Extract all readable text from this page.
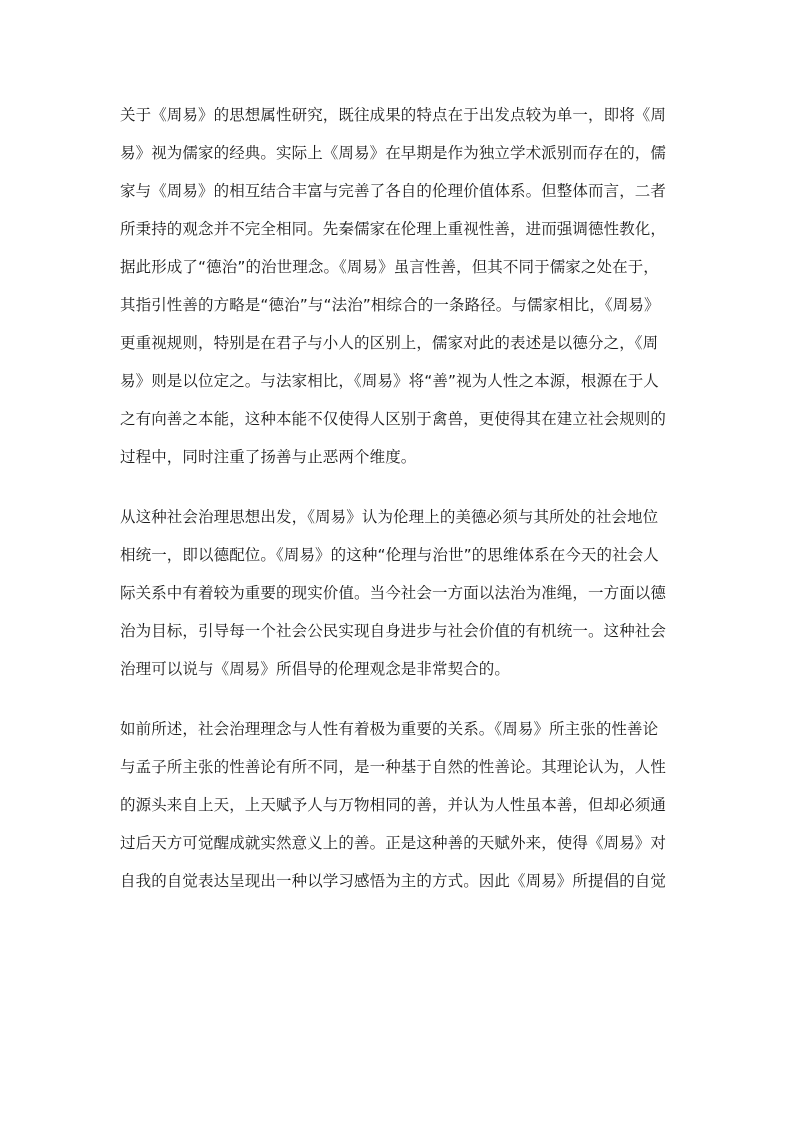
关于《周易》的思想属性研究，既往成果的特点在于出发点较为单一，即将《周
易》视为儒家的经典。实际上《周易》在早期是作为独立学术派别而存在的，儒
家与《周易》的相互结合丰富与完善了各自的伦理价值体系。但整体而言，二者
所秉持的观念并不完全相同。先秦儒家在伦理上重视性善，进而强调德性教化，
据此形成了“德治”的治世理念。《周易》虽言性善，但其不同于儒家之处在于，
其指引性善的方略是“德治”与“法治”相综合的一条路径。与儒家相比，《周易》
更重视规则，特别是在君子与小人的区别上，儒家对此的表述是以德分之，《周
易》则是以位定之。与法家相比，《周易》将“善”视为人性之本源，根源在于人
之有向善之本能，这种本能不仅使得人区别于禽兽，更使得其在建立社会规则的
过程中，同时注重了扬善与止恶两个维度。
从这种社会治理思想出发，《周易》认为伦理上的美德必须与其所处的社会地位
相统一，即以德配位。《周易》的这种“伦理与治世”的思维体系在今天的社会人
际关系中有着较为重要的现实价值。当今社会一方面以法治为准绳，一方面以德
治为目标，引导每一个社会公民实现自身进步与社会价值的有机统一。这种社会
治理可以说与《周易》所倡导的伦理观念是非常契合的。
如前所述，社会治理理念与人性有着极为重要的关系。《周易》所主张的性善论
与孟子所主张的性善论有所不同，是一种基于自然的性善论。其理论认为，人性
的源头来自上天，上天赋予人与万物相同的善，并认为人性虽本善，但却必须通
过后天方可觉醒成就实然意义上的善。正是这种善的天赋外来，使得《周易》对
自我的自觉表达呈现出一种以学习感悟为主的方式。因此《周易》所提倡的自觉
